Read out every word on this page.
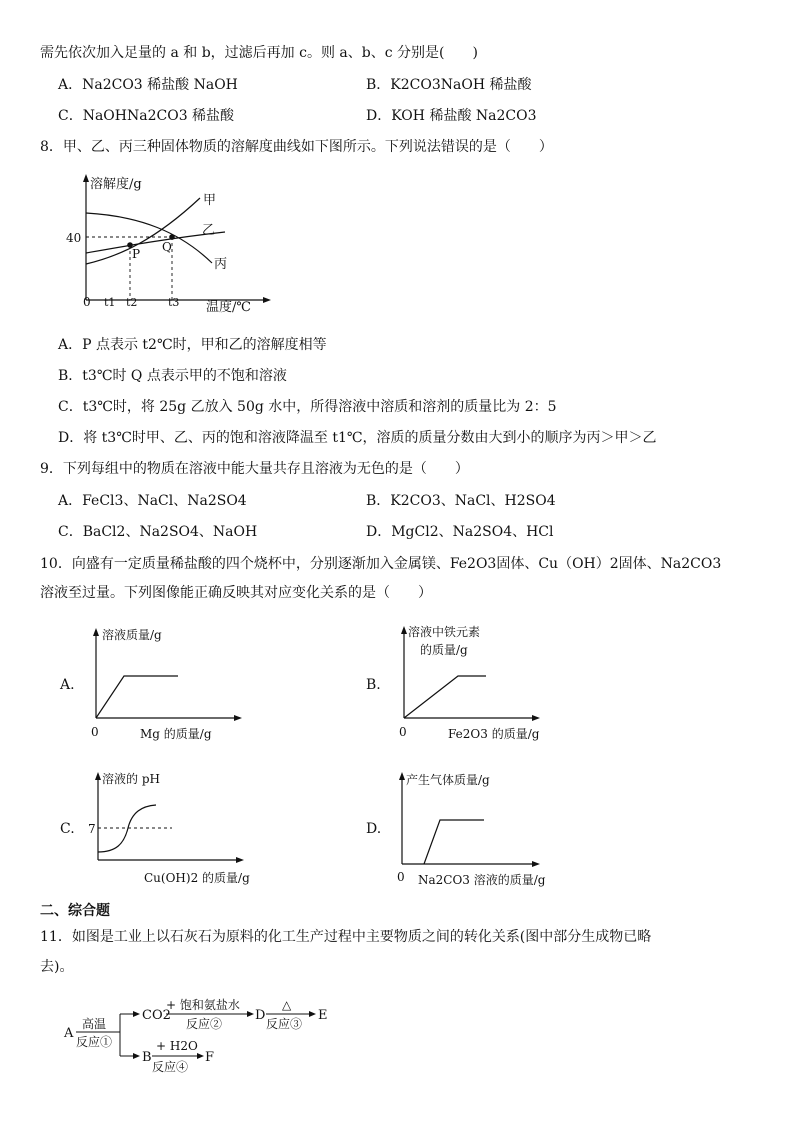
需先依次加入足量的 a 和 b，过滤后再加 c。则 a、b、c 分别是(　　)
A．Na2CO3 稀盐酸 NaOH	B．K2CO3NaOH 稀盐酸
C．NaOHNa2CO3 稀盐酸	D．KOH 稀盐酸 Na2CO3
8．甲、乙、丙三种固体物质的溶解度曲线如下图所示。下列说法错误的是（　　）
溶解度/g
温度/℃
40
0 t1 t2	t3
P Q
甲
乙
丙
A．P 点表示 t2℃时，甲和乙的溶解度相等
B．t3℃时 Q 点表示甲的不饱和溶液
C．t3℃时，将 25g 乙放入 50g 水中，所得溶液中溶质和溶剂的质量比为 2：5
D．将 t3℃时甲、乙、丙的饱和溶液降温至 t1℃，溶质的质量分数由大到小的顺序为丙＞甲＞乙
9．下列每组中的物质在溶液中能大量共存且溶液为无色的是（　　）
A．FeCl3、NaCl、Na2SO4	B．K2CO3、NaCl、H2SO4
C．BaCl2、Na2SO4、NaOH	D．MgCl2、Na2SO4、HCl
10．向盛有一定质量稀盐酸的四个烧杯中，分别逐渐加入金属镁、Fe2O3固体、Cu（OH）2固体、Na2CO3
溶液至过量。下列图像能正确反映其对应变化关系的是（　　）
A.
溶液质量/g
0	Mg 的质量/g
B.
溶液中铁元素
的质量/g
0	Fe2O3 的质量/g
C.
溶液的 pH
7
Cu(OH)2 的质量/g
D.
产生气体质量/g
0 Na2CO3 溶液的质量/g
二、综合题
11．如图是工业上以石灰石为原料的化工生产过程中主要物质之间的转化关系(图中部分生成物已略
去)。
A
高温
反应①
CO2
+ 饱和氨盐水
反应②
D
△
反应③
E
B
+ H2O
反应④
F
